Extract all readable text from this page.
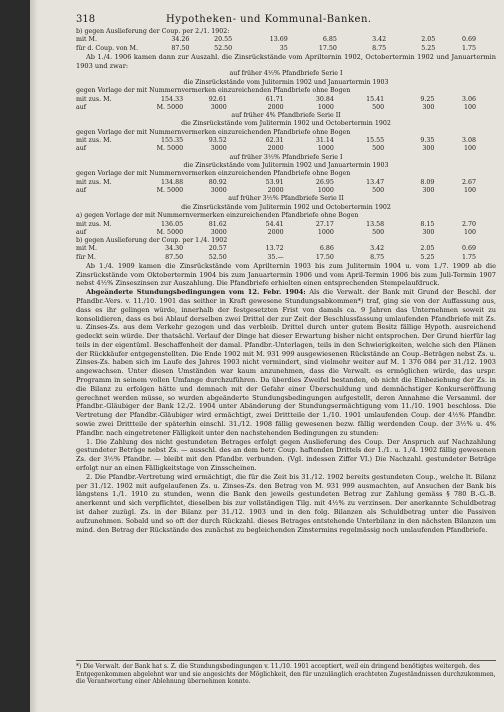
318	Hypotheken- und Kommunal-Banken.

b) gegen Auslieferung der Coup. per 2./1. 1902:

mit M.	34.26	20.55	13.69	6.85	3.42	2.05	0.69
für d. Coup. von M.	87.50	52.50	35	17.50	8.75	5.25	1.75

Ab 1./4. 1906 kamen dann zur Auszahl. die Zinsrückstände vom Aprilternin 1902, Octobertermin 1902 und Januartermin 1903 und zwar:

auf früher 4½% Pfandbriefe Serie I

die Zinsrückstände vom Julitermin 1902 und Januartermin 1903

gegen Vorlage der mit Nummernvermerken einzureichenden Pfandbriefe ohne Bogen

mit zus. M.	154.33	92.61	61.71	30.84	15.41	9.25	3.06
auf	M. 5000	3000	2000	1000	500	300	100

auf früher 4% Pfandbriefe Serie II

die Zinsrückstände vom Julitermin 1902 und Octobertermin 1902

gegen Vorlage der mit Nummernvermerken einzureichenden Pfandbriefe ohne Bogen

mit zus. M.	155.35	93.52	62.31	31.14	15.55	9.35	3.08
auf	M. 5000	3000	2000	1000	500	300	100

auf früher 3½% Pfandbriefe Serie I

die Zinsrückstände vom Julitermin 1902 und Januartermin 1903

gegen Vorlage der mit Nummernvermerken einzureichenden Pfandbriefe ohne Bogen

mit zus. M.	134.88	80.92	53.91	26.95	13.47	8.09	2.67
auf	M. 5000	3000	2000	1000	500	300	100

auf früher 3½% Pfandbriefe Serie II

die Zinsrückstände vom Julitermin 1902 und Octobertermin 1902

a) gegen Vorlage der mit Nummernvermerken einzureichenden Pfandbriefe ohne Bogen

mit zus. M.	136.05	81.62	54.41	27.17	13.58	8.15	2.70
auf	M. 5000	3000	2000	1000	500	300	100

b) gegen Auslieferung der Coup. per 1./4. 1902

mit M.	34.30	20.57	13.72	6.86	3.42	2.05	0.69
für M.	87.50	52.50	35.—	17.50	8.75	5.25	1.75

Ab 1./4. 1909 kamen die Zinsrückstände vom Aprilternin 1903 bis zum Julitermin 1904 u. vom 1./7. 1909 ab die Zinsrückstände vom Oktobertermin 1904 bis zum Januartermin 1906 und vom April-Termin 1906 bis zum Juli-Termin 1907 nebst 4½% Zinseszinsen zur Auszahlung. Die Pfandbriefe erhielten einen entsprechenden Stempelaufdruck.

Abgeänderte Stundungsbedingungen vom 12. Febr. 1904: Als die Verwalt. der Bank mit Grund der Beschl. der Pfandbr.-Vers. v. 11./10. 1901 das seither in Kraft gewesene Stundungsabkommen*) traf, ging sie von der Auffassung aus, dass es ihr gelingen würde, innerhalb der festgesetzten Frist von damals ca. 9 Jahren das Unternehmen soweit zu konsolidieren, dass es bei Ablauf derselben zwei Drittel der zur Zeit der Beschlussfassung umlaufenden Pfandbriefe mit Zs. u. Zinses-Zs. aus dem Verkehr gezogen und das verbleib. Drittel durch unter gutem Besitz fällige Hypoth. ausreichend gedeckt sein würde. Der thatsächl. Verlauf der Dinge hat dieser Erwartung bisher nicht entsprochen. Der Grund hierfür lag teils in der eigentümI. Beschaffenheit der damal. Pfandbr.-Unterlagen, teils in den Schwierigkeiten, welche sich den Plänen der Rückkäufer entgegenstellten. Die Ende 1902 mit M. 931 999 ausgewiesenen Rückstände an Coup.-Beträgen nebst Zs. u. Zinses-Zs. haben sich im Laufe des Jahres 1903 nicht vermindert, sind vielmehr weiter auf M. 1 376 084 per 31./12. 1903 angewachsen. Unter diesen Umständen war kaum anzunehmen, dass die Verwalt. es ermöglichen würde, das urspr. Programm in seinem vollen Umfange durchzuführen. Da überdies Zweifel bestanden, ob nicht die Einbeziehung der Zs. in die Bilanz zu erfolgen hätte und demnach mit der Gefahr einer Überschuldung und demnächstiger Konkurseröffnung gerechnet werden müsse, so wurden abgeänderte Stundungsbedingungen aufgestellt, deren Annahme die Versamml. der Pfandbr.-Gläubiger der Bank 12./2. 1904 unter Abänderung der Stundungsermächtigung vom 11./10. 1901 beschloss. Die Vertretung der Pfandbr.-Gläubiger wird ermächtigt, zwei Drittteile der 1./10. 1901 umlaufenden Coup. der 4½% Pfandbr. sowie zwei Drittteile der späterhin einschl. 31./12. 1908 fällig gewesenen bezw. fällig werdenden Coup. der 3½% u. 4% Pfandbr. nach eingetretener Fälligkeit unter den nachstehenden Bedingungen zu stunden:

1. Die Zahlung des nicht gestundeten Betrages erfolgt gegen Auslieferung des Coup. Der Anspruch auf Nachzahlung gestundeter Beträge nebst Zs. — ausschl. des an dem betr. Coup. haftenden Drittels der 1./1. u. 1./4. 1902 fällig gewesenen Zs. der 3½% Pfandbr. — bleibt mit den Pfandbr. verbunden. (Vgl. indessen Ziffer VI.) Die Nachzahl. gestundeter Beträge erfolgt nur an einen Fälligkeitstage von Zinsscheinen.

2. Die Pfandbr.-Vertretung wird ermächtigt, die für die Zeit bis 31./12. 1902 bereits gestundeten Coup., welche lt. Bilanz per 31./12. 1902 mit aufgelaufenen Zs. u. Zinses-Zs. den Betrag von M. 931 999 ausmachten, auf Ansuchen der Bank bis längstens 1./1. 1910 zu stunden, wenn die Bank den jeweils gestundeten Betrag zur Zahlung gemäss § 780 B.-G.-B. anerkennt und sich verpflichtet, dieselben bis zur vollständigen Tilg. mit 4½% zu verzinsen. Der anerkannte Schuldbetrag ist daher zuzügl. Zs. in der Bilanz per 31./12. 1903 und in den folg. Bilanzen als Schuldbetrag unter die Passiven aufzunehmen. Sobald und so oft der durch Rückzahl. dieses Betrages entstehende Unterbilanz in den nächsten Bilanzen um mind. den Betrag der Rückstände des zunächst zu begleichenden Zinstermins regelmässig noch umlaufenden Pfandbriefe.

*) Die Verwalt. der Bank hat s. Z. die Stundungsbedingungen v. 11./10. 1901 acceptiert, weil ein dringend benötigtes weitergeh. des Entgegenkommen abgelehnt war und sie angesichts der Möglichkeit, den für unzulänglich erachteten Zugeständnissen durchzukommen, die Verantwortung einer Ablehnung übernehmen konnte.
